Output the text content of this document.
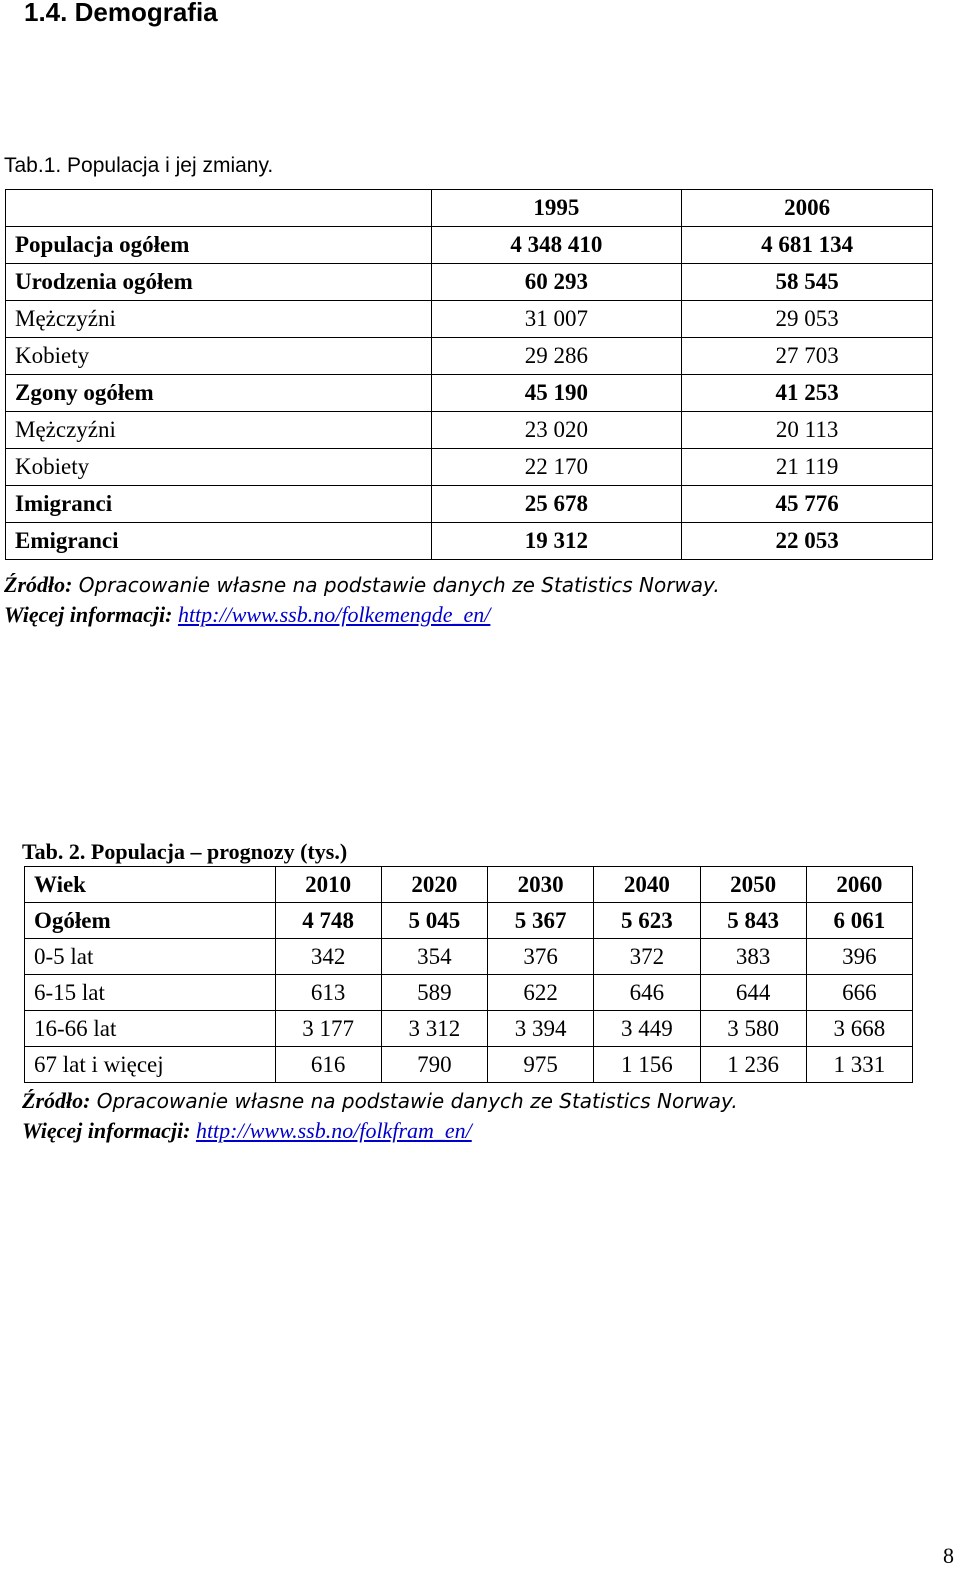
1.4. Demografia
Tab.1. Populacja i jej zmiany.
	1995	2006
Populacja ogółem	4 348 410	4 681 134
Urodzenia ogółem	60 293	58 545
Mężczyźni	31 007	29 053
Kobiety	29 286	27 703
Zgony ogółem	45 190	41 253
Mężczyźni	23 020	20 113
Kobiety	22 170	21 119
Imigranci	25 678	45 776
Emigranci	19 312	22 053
Źródło: Opracowanie własne na podstawie danych ze Statistics Norway.
Więcej informacji: http://www.ssb.no/folkemengde_en/
Tab. 2. Populacja – prognozy (tys.)
Wiek	2010	2020	2030	2040	2050	2060
Ogółem	4 748	5 045	5 367	5 623	5 843	6 061
0-5 lat	342	354	376	372	383	396
6-15 lat	613	589	622	646	644	666
16-66 lat	3 177	3 312	3 394	3 449	3 580	3 668
67 lat i więcej	616	790	975	1 156	1 236	1 331
Źródło: Opracowanie własne na podstawie danych ze Statistics Norway.
Więcej informacji: http://www.ssb.no/folkfram_en/
8
